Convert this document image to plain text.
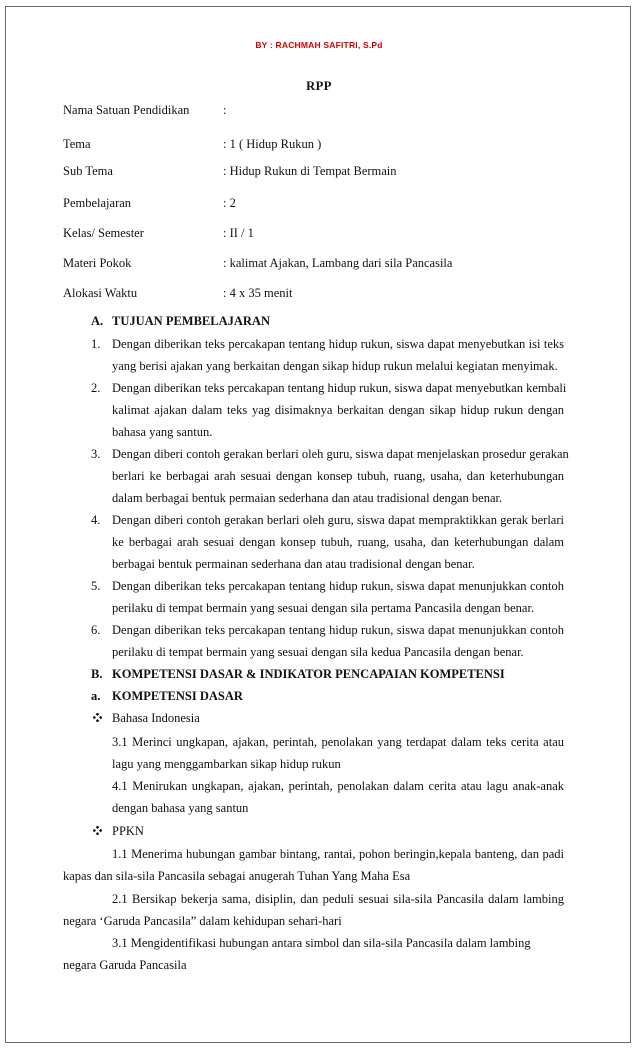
BY : RACHMAH SAFITRI, S.Pd
RPP
Nama Satuan Pendidikan	:
Tema	: 1 ( Hidup Rukun )
Sub Tema	: Hidup Rukun di Tempat Bermain
Pembelajaran	: 2
Kelas/ Semester	: II / 1
Materi Pokok	: kalimat Ajakan, Lambang dari sila Pancasila
Alokasi Waktu	: 4 x 35 menit
A. TUJUAN PEMBELAJARAN
1. Dengan diberikan teks percakapan tentang hidup rukun, siswa dapat menyebutkan isi teks
yang berisi ajakan yang berkaitan dengan sikap hidup rukun melalui kegiatan menyimak.
2. Dengan diberikan teks percakapan tentang hidup rukun, siswa dapat menyebutkan kembali
kalimat ajakan dalam teks yag disimaknya berkaitan dengan sikap hidup rukun dengan
bahasa yang santun.
3. Dengan diberi contoh gerakan berlari oleh guru, siswa dapat menjelaskan prosedur gerakan
berlari ke berbagai arah sesuai dengan konsep tubuh, ruang, usaha, dan keterhubungan
dalam berbagai bentuk permaian sederhana dan atau tradisional dengan benar.
4. Dengan diberi contoh gerakan berlari oleh guru, siswa dapat mempraktikkan gerak berlari
ke berbagai arah sesuai dengan konsep tubuh, ruang, usaha, dan keterhubungan dalam
berbagai bentuk permainan sederhana dan atau tradisional dengan benar.
5. Dengan diberikan teks percakapan tentang hidup rukun, siswa dapat menunjukkan contoh
perilaku di tempat bermain yang sesuai dengan sila pertama Pancasila dengan benar.
6. Dengan diberikan teks percakapan tentang hidup rukun, siswa dapat menunjukkan contoh
perilaku di tempat bermain yang sesuai dengan sila kedua Pancasila dengan benar.
B. KOMPETENSI DASAR & INDIKATOR PENCAPAIAN KOMPETENSI
a. KOMPETENSI DASAR
Bahasa Indonesia
3.1 Merinci ungkapan, ajakan, perintah, penolakan yang terdapat dalam teks cerita atau
lagu yang menggambarkan sikap hidup rukun
4.1 Menirukan ungkapan, ajakan, perintah, penolakan dalam cerita atau lagu anak-anak
dengan bahasa yang santun
PPKN
1.1 Menerima hubungan gambar bintang, rantai, pohon beringin,kepala banteng, dan padi
kapas dan sila-sila Pancasila sebagai anugerah Tuhan Yang Maha Esa
2.1 Bersikap bekerja sama, disiplin, dan peduli sesuai sila-sila Pancasila dalam lambing
negara ‘Garuda Pancasila” dalam kehidupan sehari-hari
3.1 Mengidentifikasi hubungan antara simbol dan sila-sila Pancasila dalam lambing
negara Garuda Pancasila
